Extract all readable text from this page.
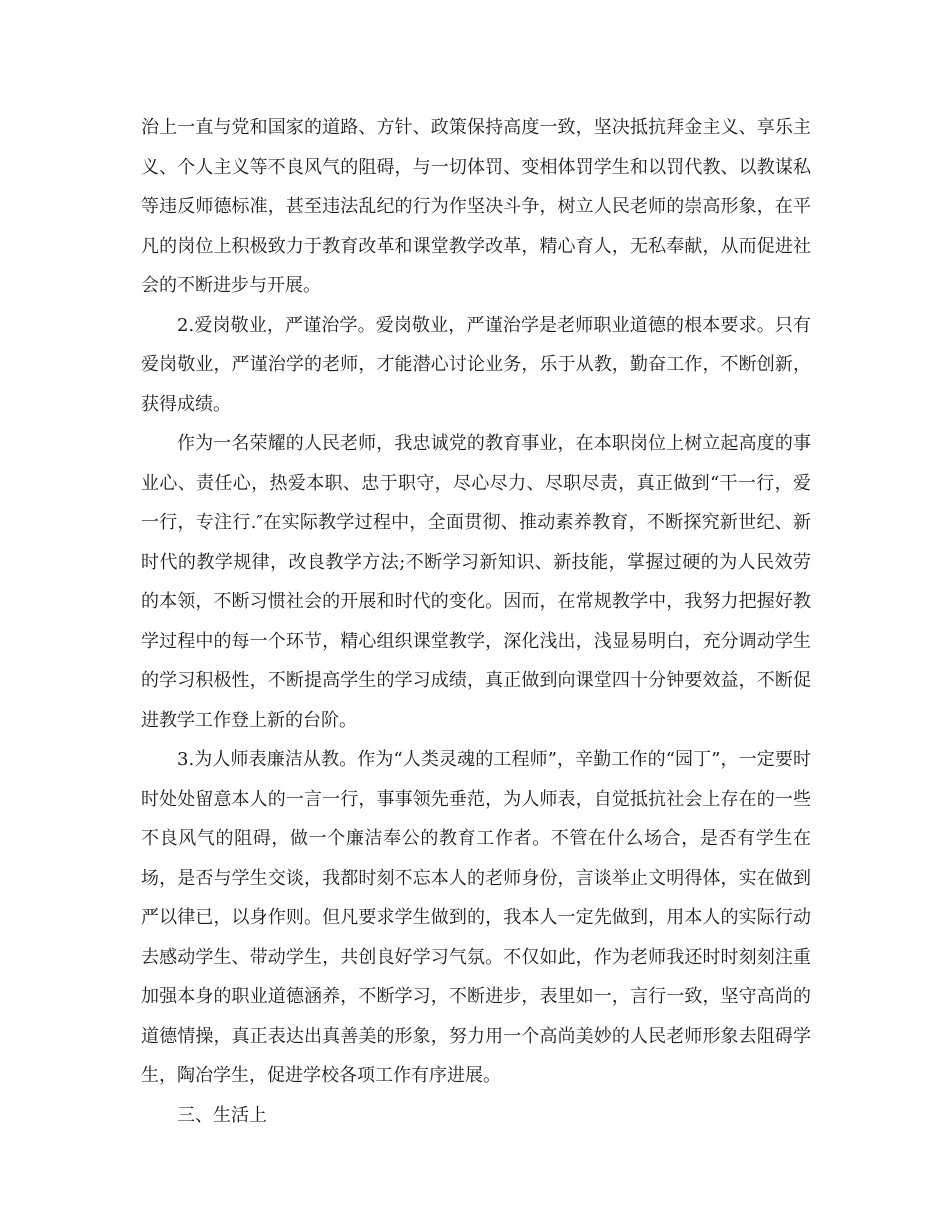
治上一直与党和国家的道路、方针、政策保持高度一致，坚决抵抗拜金主义、享乐主义、个人主义等不良风气的阻碍，与一切体罚、变相体罚学生和以罚代教、以教谋私等违反师德标准，甚至违法乱纪的行为作坚决斗争，树立人民老师的崇高形象，在平凡的岗位上积极致力于教育改革和课堂教学改革，精心育人，无私奉献，从而促进社会的不断进步与开展。

2.爱岗敬业，严谨治学。爱岗敬业，严谨治学是老师职业道德的根本要求。只有爱岗敬业，严谨治学的老师，才能潜心讨论业务，乐于从教，勤奋工作，不断创新，获得成绩。

作为一名荣耀的人民老师，我忠诚党的教育事业，在本职岗位上树立起高度的事业心、责任心，热爱本职、忠于职守，尽心尽力、尽职尽责，真正做到“干一行，爱一行，专注行.″在实际教学过程中，全面贯彻、推动素养教育，不断探究新世纪、新时代的教学规律，改良教学方法;不断学习新知识、新技能，掌握过硬的为人民效劳的本领，不断习惯社会的开展和时代的变化。因而，在常规教学中，我努力把握好教学过程中的每一个环节，精心组织课堂教学，深化浅出，浅显易明白，充分调动学生的学习积极性，不断提高学生的学习成绩，真正做到向课堂四十分钟要效益，不断促进教学工作登上新的台阶。

3.为人师表廉洁从教。作为“人类灵魂的工程师”，辛勤工作的“园丁”，一定要时时处处留意本人的一言一行，事事领先垂范，为人师表，自觉抵抗社会上存在的一些不良风气的阻碍，做一个廉洁奉公的教育工作者。不管在什么场合，是否有学生在场，是否与学生交谈，我都时刻不忘本人的老师身份，言谈举止文明得体，实在做到严以律已，以身作则。但凡要求学生做到的，我本人一定先做到，用本人的实际行动去感动学生、带动学生，共创良好学习气氛。不仅如此，作为老师我还时时刻刻注重加强本身的职业道德涵养，不断学习，不断进步，表里如一，言行一致，坚守高尚的道德情操，真正表达出真善美的形象，努力用一个高尚美妙的人民老师形象去阻碍学生，陶冶学生，促进学校各项工作有序进展。

三、生活上
